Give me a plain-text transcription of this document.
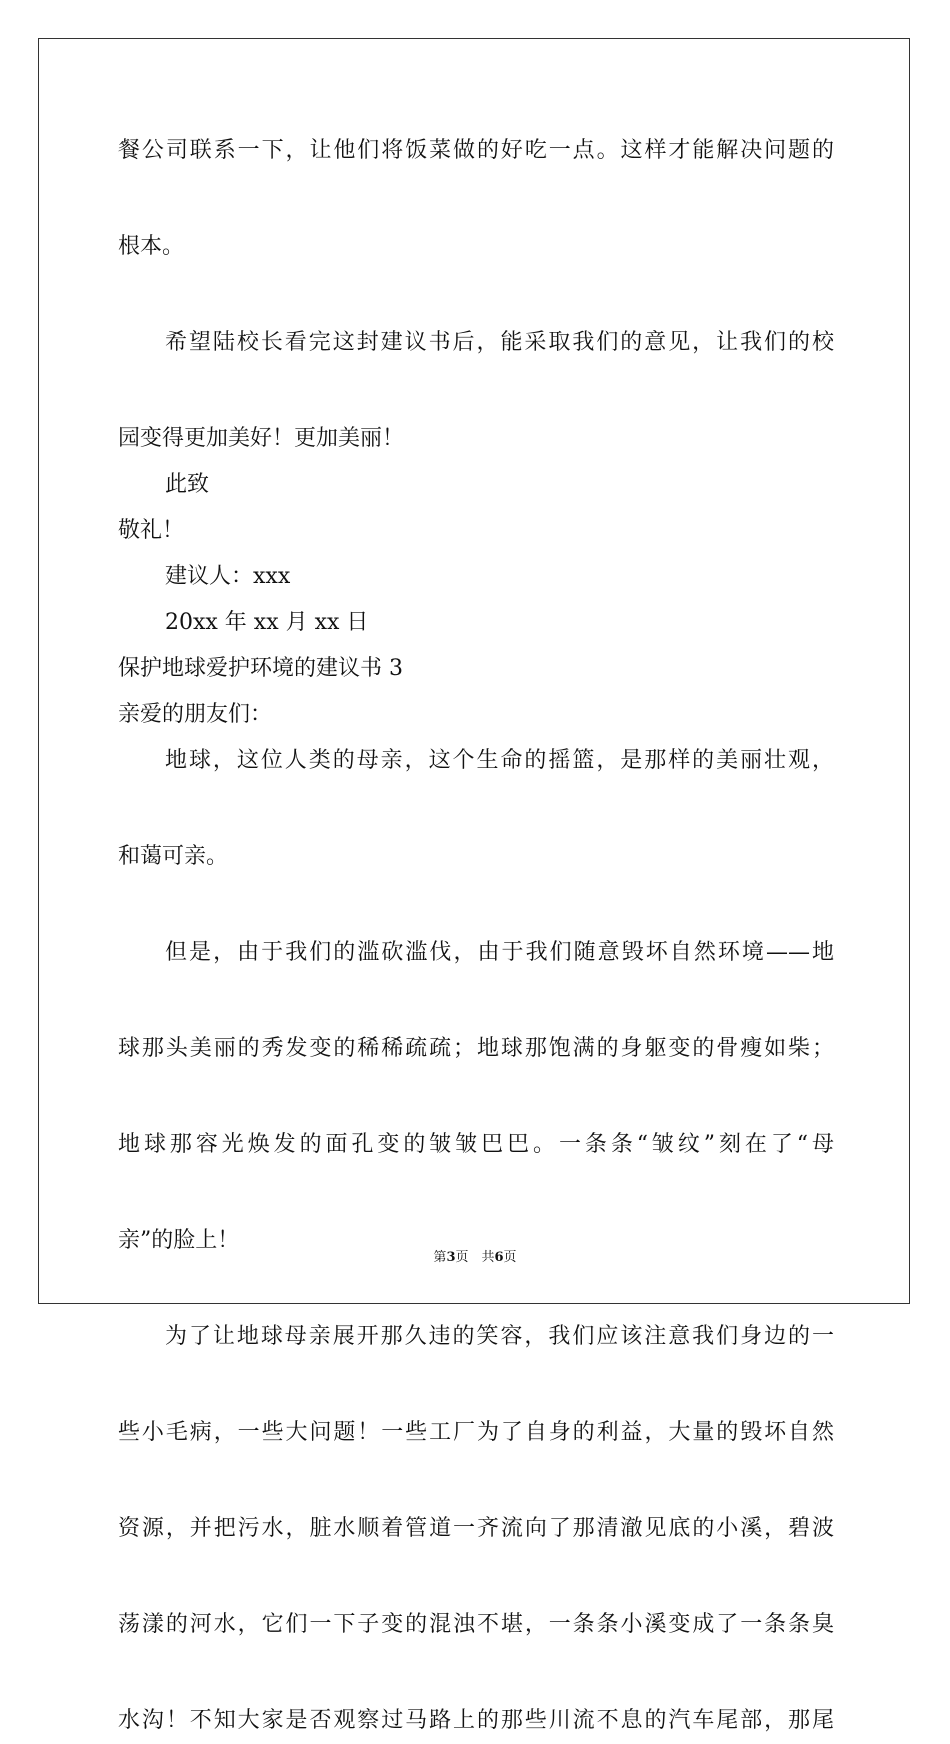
餐公司联系一下，让他们将饭菜做的好吃一点。这样才能解决问题的
根本。
希望陆校长看完这封建议书后，能采取我们的意见，让我们的校
园变得更加美好！更加美丽！
此致
敬礼！
建议人：xxx
20xx 年 xx 月 xx 日
保护地球爱护环境的建议书 3
亲爱的朋友们：
地球，这位人类的母亲，这个生命的摇篮，是那样的美丽壮观，
和蔼可亲。
但是，由于我们的滥砍滥伐，由于我们随意毁坏自然环境——地
球那头美丽的秀发变的稀稀疏疏；地球那饱满的身躯变的骨瘦如柴；
地球那容光焕发的面孔变的皱皱巴巴。一条条“皱纹”刻在了“母
亲”的脸上！
为了让地球母亲展开那久违的笑容，我们应该注意我们身边的一
些小毛病，一些大问题！一些工厂为了自身的利益，大量的毁坏自然
资源，并把污水，脏水顺着管道一齐流向了那清澈见底的小溪，碧波
荡漾的河水，它们一下子变的混浊不堪，一条条小溪变成了一条条臭
水沟！不知大家是否观察过马路上的那些川流不息的汽车尾部，那尾
第3页　共6页
